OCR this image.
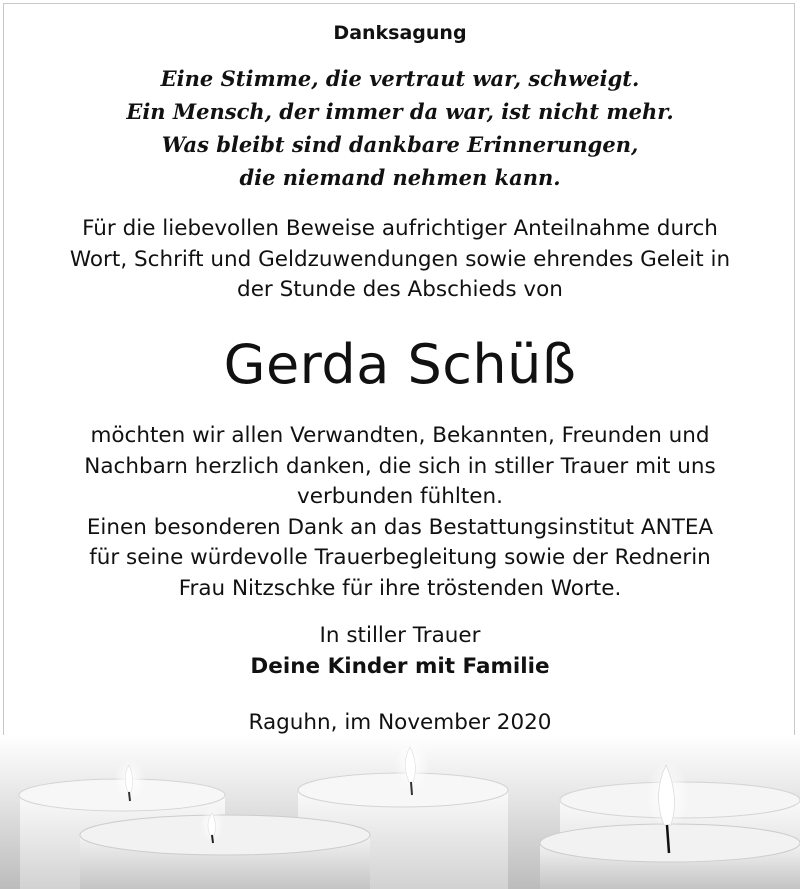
Danksagung
Eine Stimme, die vertraut war, schweigt.
Ein Mensch, der immer da war, ist nicht mehr.
Was bleibt sind dankbare Erinnerungen,
die niemand nehmen kann.
Für die liebevollen Beweise aufrichtiger Anteilnahme durch
Wort, Schrift und Geldzuwendungen sowie ehrendes Geleit in
der Stunde des Abschieds von
Gerda Schüß
möchten wir allen Verwandten, Bekannten, Freunden und
Nachbarn herzlich danken, die sich in stiller Trauer mit uns
verbunden fühlten.
Einen besonderen Dank an das Bestattungsinstitut ANTEA
für seine würdevolle Trauerbegleitung sowie der Rednerin
Frau Nitzschke für ihre tröstenden Worte.
In stiller Trauer
Deine Kinder mit Familie
Raguhn, im November 2020
